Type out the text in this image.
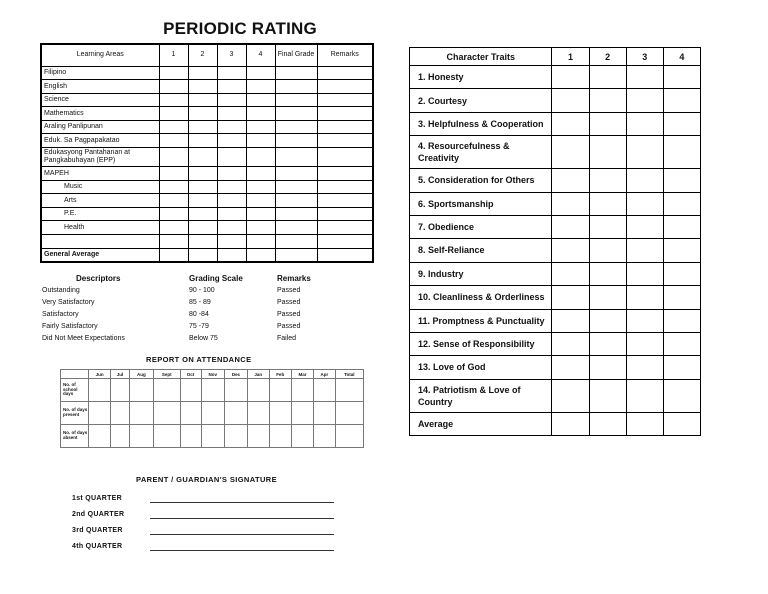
PERIODIC RATING
Learning Areas	1	2	3	4	Final Grade	Remarks
Filipino						
English						
Science						
Mathematics						
Araling Panlipunan						
Eduk. Sa Pagpapakatao						
Edukasyong Pantahanan at Pangkabuhayan (EPP)						
MAPEH						
Music						
Arts						
P.E.						
Health						

General Average						
Descriptors	Grading Scale	Remarks
Outstanding	90 - 100	Passed
Very Satisfactory	85 - 89	Passed
Satisfactory	80 -84	Passed
Fairly Satisfactory	75 -79	Passed
Did Not Meet Expectations	Below 75	Failed
REPORT ON ATTENDANCE
	Jun	Jul	Aug	Sept	Oct	Nov	Dec	Jan	Feb	Mar	Apr	Total
No. of school days												
No. of days present												
No. of days absent												
PARENT / GUARDIAN'S SIGNATURE
1st QUARTER
2nd QUARTER
3rd QUARTER
4th QUARTER
Character Traits	1	2	3	4
1. Honesty				
2. Courtesy				
3. Helpfulness & Cooperation				
4. Resourcefulness & Creativity				
5. Consideration for Others				
6. Sportsmanship				
7. Obedience				
8. Self-Reliance				
9. Industry				
10. Cleanliness & Orderliness				
11. Promptness & Punctuality				
12. Sense of Responsibility				
13. Love of God				
14. Patriotism & Love of Country				
Average				
